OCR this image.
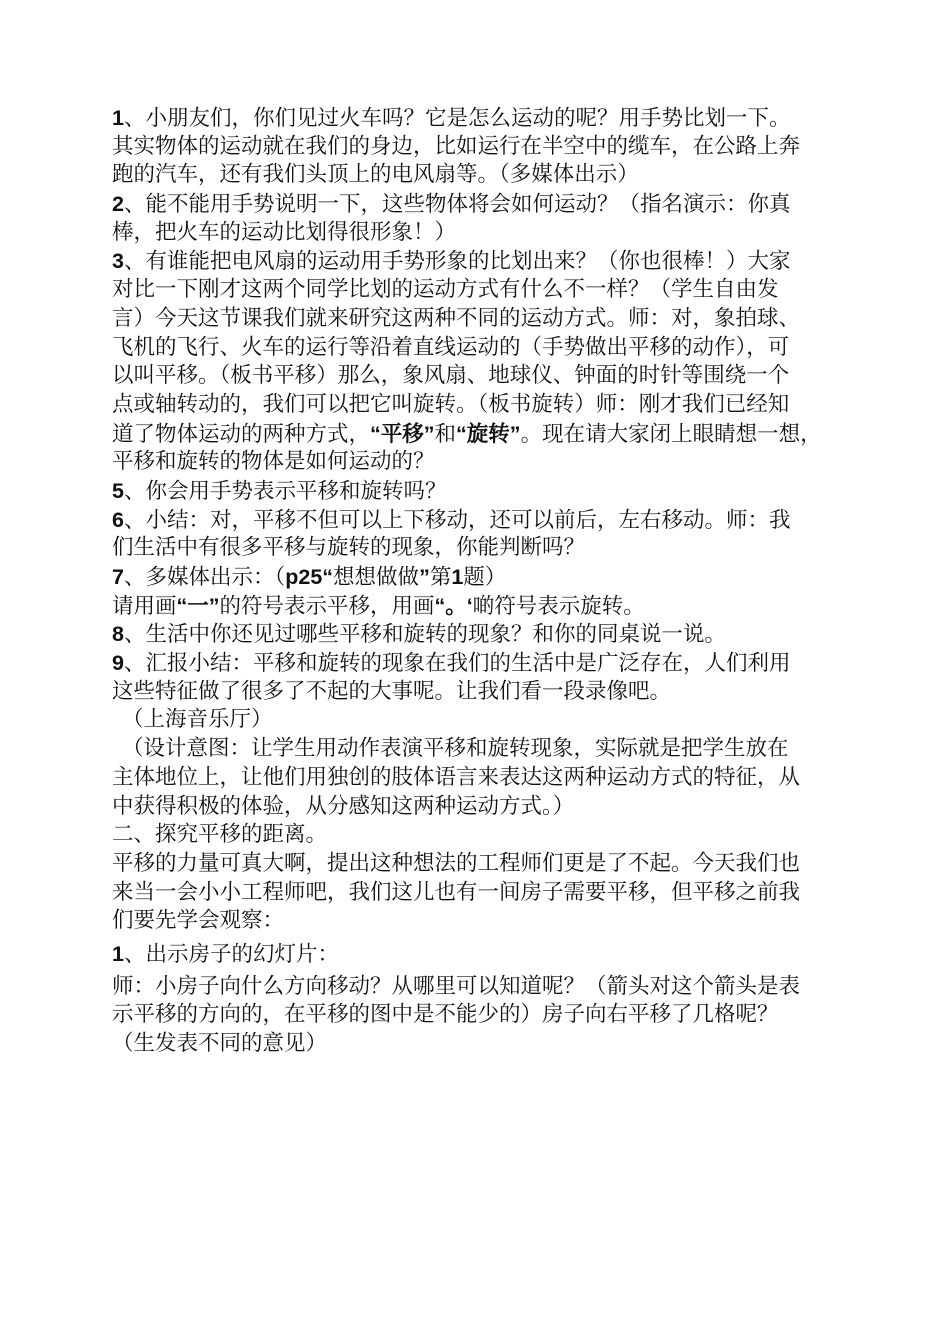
1、小朋友们，你们见过火车吗？它是怎么运动的呢？用手势比划一下。
其实物体的运动就在我们的身边，比如运行在半空中的缆车，在公路上奔
跑的汽车，还有我们头顶上的电风扇等。（多媒体出示）
2、能不能用手势说明一下，这些物体将会如何运动？（指名演示：你真
棒，把火车的运动比划得很形象！）
3、有谁能把电风扇的运动用手势形象的比划出来？（你也很棒！）大家
对比一下刚才这两个同学比划的运动方式有什么不一样？（学生自由发
言）今天这节课我们就来研究这两种不同的运动方式。师：对，象拍球、
飞机的飞行、火车的运行等沿着直线运动的（手势做出平移的动作），可
以叫平移。（板书平移）那么，象风扇、地球仪、钟面的时针等围绕一个
点或轴转动的，我们可以把它叫旋转。（板书旋转）师：刚才我们已经知
道了物体运动的两种方式，“平移”和“旋转”。现在请大家闭上眼睛想一想，
平移和旋转的物体是如何运动的？
5、你会用手势表示平移和旋转吗？
6、小结：对，平移不但可以上下移动，还可以前后，左右移动。师：我
们生活中有很多平移与旋转的现象，你能判断吗？
7、多媒体出示：（p25“想想做做”第1题）
请用画“一”的符号表示平移，用画“。‘啲符号表示旋转。
8、生活中你还见过哪些平移和旋转的现象？和你的同桌说一说。
9、汇报小结：平移和旋转的现象在我们的生活中是广泛存在，人们利用
这些特征做了很多了不起的大事呢。让我们看一段录像吧。
（上海音乐厅）
（设计意图：让学生用动作表演平移和旋转现象，实际就是把学生放在
主体地位上，让他们用独创的肢体语言来表达这两种运动方式的特征，从
中获得积极的体验，从分感知这两种运动方式。）
二、探究平移的距离。
平移的力量可真大啊，提出这种想法的工程师们更是了不起。今天我们也
来当一会小小工程师吧，我们这儿也有一间房子需要平移，但平移之前我
们要先学会观察：
1、出示房子的幻灯片：
师：小房子向什么方向移动？从哪里可以知道呢？（箭头对这个箭头是表
示平移的方向的，在平移的图中是不能少的）房子向右平移了几格呢？
（生发表不同的意见）
